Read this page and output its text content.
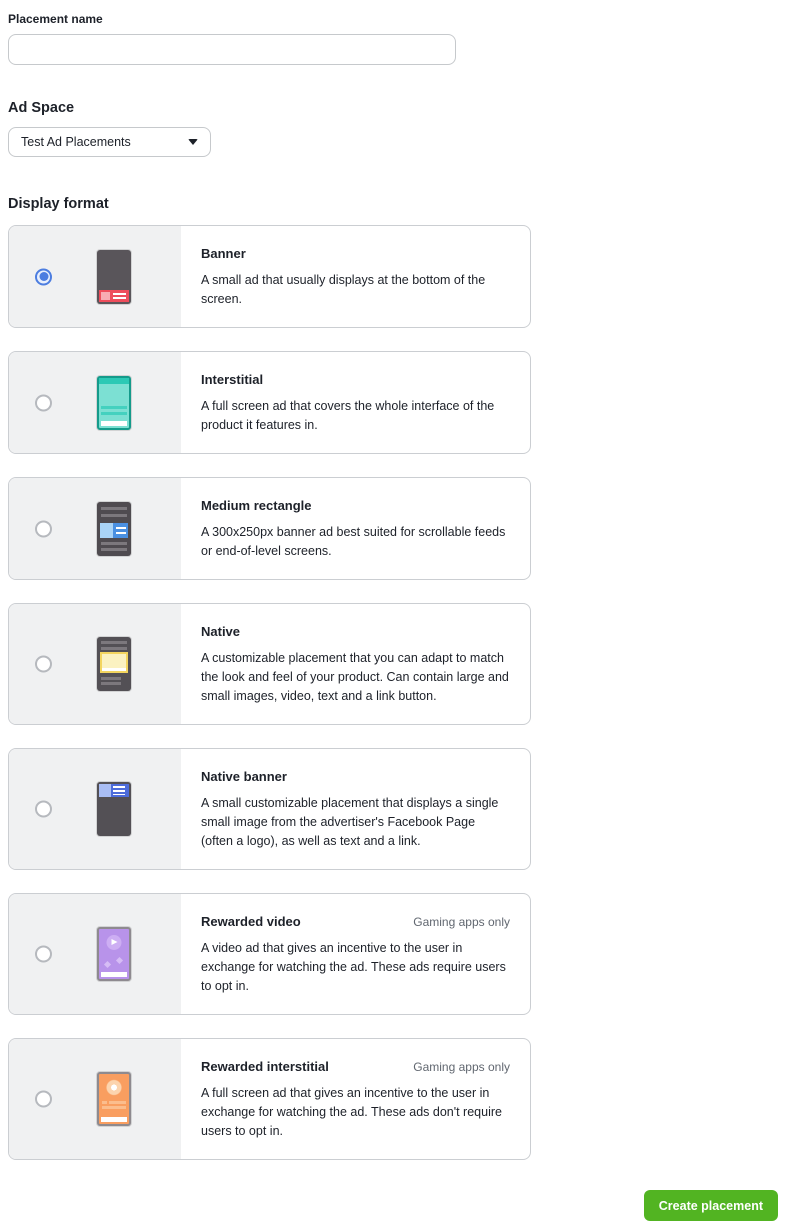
Placement name
Ad Space
Test Ad Placements
Display format
Banner
A small ad that usually displays at the bottom of the screen.
Interstitial
A full screen ad that covers the whole interface of the product it features in.
Medium rectangle
A 300x250px banner ad best suited for scrollable feeds or end-of-level screens.
Native
A customizable placement that you can adapt to match the look and feel of your product. Can contain large and small images, video, text and a link button.
Native banner
A small customizable placement that displays a single small image from the advertiser's Facebook Page (often a logo), as well as text and a link.
Rewarded video	Gaming apps only
A video ad that gives an incentive to the user in exchange for watching the ad. These ads require users to opt in.
Rewarded interstitial	Gaming apps only
A full screen ad that gives an incentive to the user in exchange for watching the ad. These ads don't require users to opt in.
Create placement
